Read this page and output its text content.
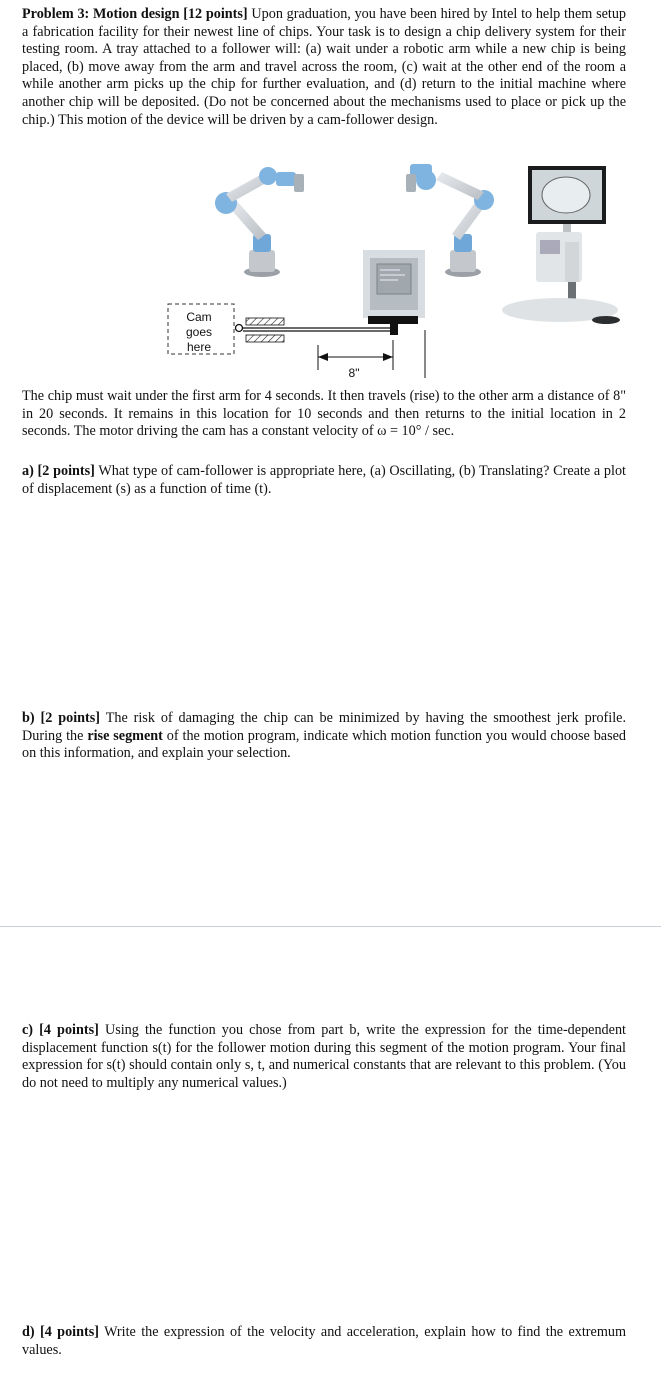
Problem 3: Motion design [12 points] Upon graduation, you have been hired by Intel to help them setup a fabrication facility for their newest line of chips. Your task is to design a chip delivery system for their testing room. A tray attached to a follower will: (a) wait under a robotic arm while a new chip is being placed, (b) move away from the arm and travel across the room, (c) wait at the other end of the room a while another arm picks up the chip for further evaluation, and (d) return to the initial machine where another chip will be deposited. (Do not be concerned about the mechanisms used to place or pick up the chip.) This motion of the device will be driven by a cam-follower design.
Cam
goes
here
8"
The chip must wait under the first arm for 4 seconds. It then travels (rise) to the other arm a distance of 8" in 20 seconds. It remains in this location for 10 seconds and then returns to the initial location in 2 seconds. The motor driving the cam has a constant velocity of ω = 10° / sec.
a) [2 points] What type of cam-follower is appropriate here, (a) Oscillating, (b) Translating? Create a plot of displacement (s) as a function of time (t).
b) [2 points] The risk of damaging the chip can be minimized by having the smoothest jerk profile. During the rise segment of the motion program, indicate which motion function you would choose based on this information, and explain your selection.
c) [4 points] Using the function you chose from part b, write the expression for the time-dependent displacement function s(t) for the follower motion during this segment of the motion program. Your final expression for s(t) should contain only s, t, and numerical constants that are relevant to this problem. (You do not need to multiply any numerical values.)
d) [4 points] Write the expression of the velocity and acceleration, explain how to find the extremum values.
